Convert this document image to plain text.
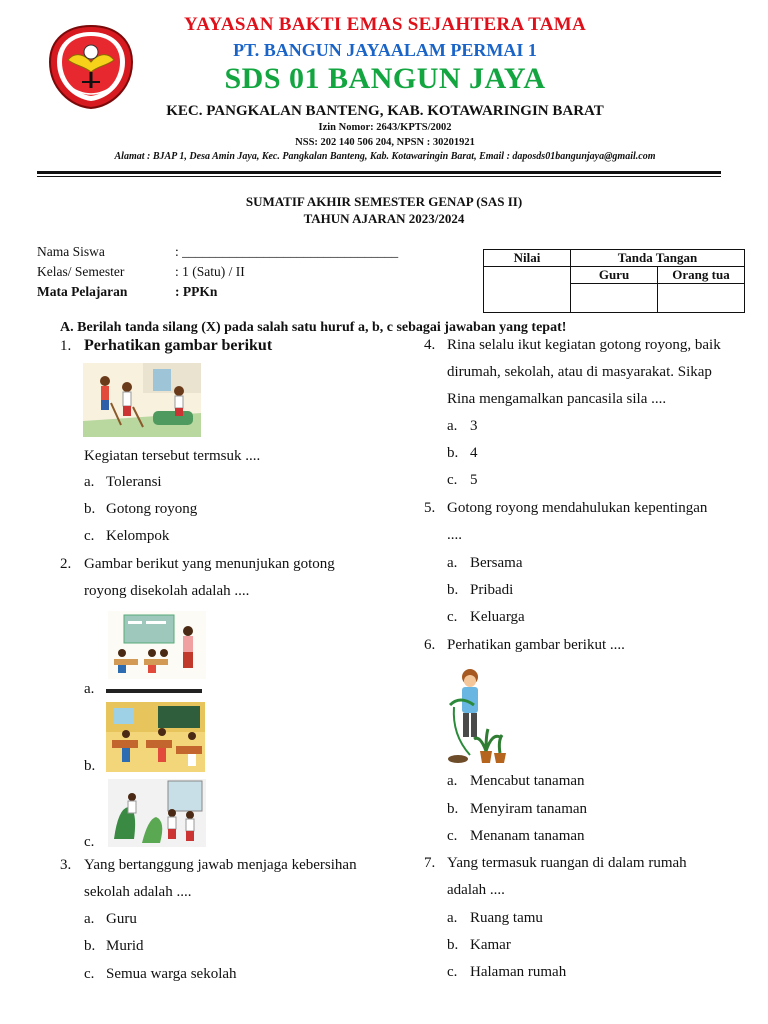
YAYASAN BAKTI EMAS SEJAHTERA TAMA
PT. BANGUN JAYAALAM PERMAI 1
SDS 01 BANGUN JAYA
KEC. PANGKALAN BANTENG, KAB. KOTAWARINGIN BARAT
Izin Nomor: 2643/KPTS/2002
NSS: 202 140 506 204, NPSN : 30201921
Alamat : BJAP 1, Desa Amin Jaya, Kec. Pangkalan Banteng, Kab. Kotawaringin Barat, Email : daposds01bangunjaya@gmail.com
SUMATIF AKHIR SEMESTER GENAP (SAS II)
TAHUN AJARAN 2023/2024
Nama Siswa	: ________________________________
Kelas/ Semester	: 1 (Satu) / II
Mata Pelajaran	: PPKn
Nilai	Tanda Tangan	
	Guru	Orang tua

A. Berilah tanda silang (X) pada salah satu huruf a, b, c sebagai jawaban yang tepat!
1. Perhatikan gambar berikut
Kegiatan tersebut termsuk ....
a. Toleransi
b. Gotong royong
c. Kelompok
2. Gambar berikut yang menunjukan gotong
royong disekolah adalah ....
a.
b.
c.
3. Yang bertanggung jawab menjaga kebersihan
sekolah adalah ....
a. Guru
b. Murid
c. Semua warga sekolah
4. Rina selalu ikut kegiatan gotong royong, baik
dirumah, sekolah, atau di masyarakat. Sikap
Rina mengamalkan pancasila sila ....
a. 3
b. 4
c. 5
5. Gotong royong mendahulukan kepentingan
....
a. Bersama
b. Pribadi
c. Keluarga
6. Perhatikan gambar berikut ....
a. Mencabut tanaman
b. Menyiram tanaman
c. Menanam tanaman
7. Yang termasuk ruangan di dalam rumah
adalah ....
a. Ruang tamu
b. Kamar
c. Halaman rumah
